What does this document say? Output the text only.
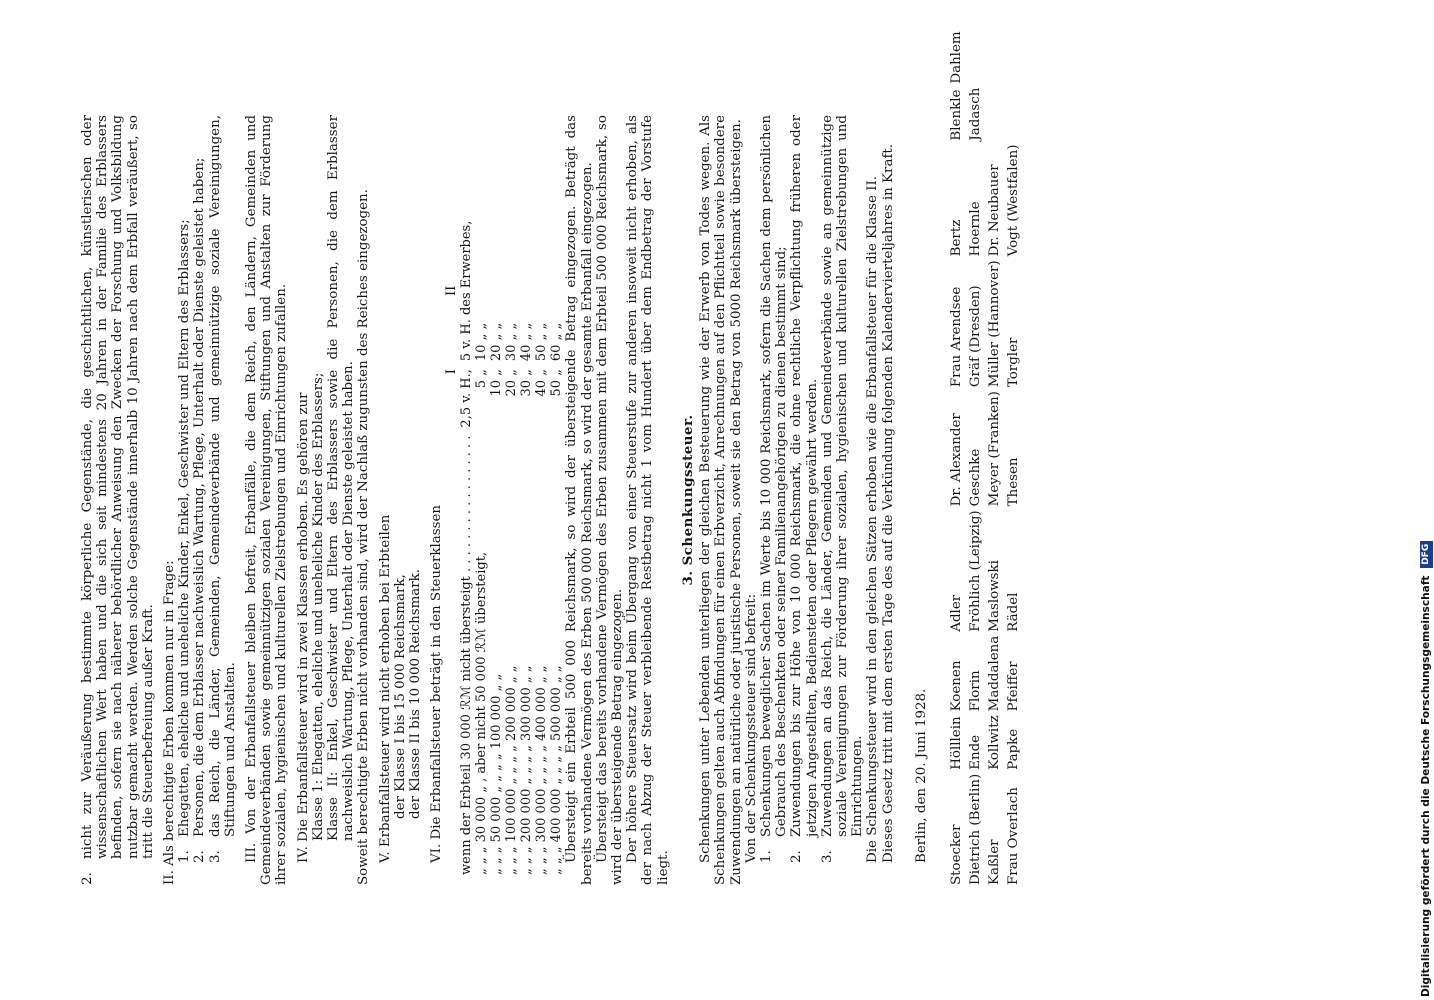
2.
nicht zur Veräußerung bestimmte körperliche Gegenstände, die geschichtlichen, künstlerischen oder wissenschaftlichen Wert haben und die sich seit mindestens 20 Jahren in der Familie des Erblassers befinden, sofern sie nach näherer behördlicher Anweisung den Zwecken der Forschung und Volksbildung nutzbar gemacht werden. Werden solche Gegenstände innerhalb 10 Jahren nach dem Erbfall veräußert, so tritt die Steuerbefreiung außer Kraft. II. Als berechtigte Erben kommen nur in Frage: 1.
Ehegatten, eheliche und uneheliche Kinder, Enkel, Geschwister und Eltern des Erblassers;
2.
Personen, die dem Erblasser nachweislich Wartung, Pflege, Unterhalt oder Dienste geleistet haben;
3.
das Reich, die Länder, Gemeinden, Gemeindeverbände und gemeinnützige soziale Vereinigungen, Stiftungen und Anstalten. III. Von der Erbanfallsteuer bleiben befreit, Erbanfälle, die dem Reich, den Ländern, Gemeinden und Gemeindeverbänden sowie gemeinnützigen sozialen Vereinigungen, Stiftungen und Anstalten zur Förderung ihrer sozialen, hygienischen und kulturellen Zielstrebungen und Einrichtungen zufallen. IV. Die Erbanfallsteuer wird in zwei Klassen erhoben. Es gehören zur Klasse 1: Ehegatten, eheliche und uneheliche Kinder des Erblassers; Klasse II: Enkel, Geschwister und Eltern des Erblassers sowie die Personen, die dem Erblasser nachweislich Wartung, Pflege, Unterhalt oder Dienste geleistet haben. Soweit berechtigte Erben nicht vorhanden sind, wird der Nachlaß zugunsten des Reiches eingezogen. V. Erbanfallsteuer wird nicht erhoben bei Erbteilen der Klasse I bis 15 000 Reichsmark, der Klasse II bis 10 000 Reichsmark. VI. Die Erbanfallsteuer beträgt in den Steuerklassen

	I	II
wenn der Erbteil 30 000 ℛℳ nicht übersteigt . . . . . . . . . . . . . . . . .	2,5 v. H.,	5 v. H. des Erwerbes,
„ „ „ 30 000 „ , aber nicht 50 000 ℛℳ übersteigt,	5 „	10 „ „
„ „ „ 50 000 „ „ „ „ 100 000 „ „	10 „	20 „ „
„ „ „ 100 000 „ „ „ „ 200 000 „ „	20 „	30 „ „
„ „ „ 200 000 „ „ „ „ 300 000 „ „	30 „	40 „ „
„ „ „ 300 000 „ „ „ „ 400 000 „ „	40 „	50 „ „
„ „ „ 400 000 „ „ „ „ 500 000 „ „	50 „	60 „ „ Übersteigt ein Erbteil 500 000 Reichsmark, so wird der übersteigende Betrag eingezogen. Beträgt das bereits vorhandene Vermögen des Erben 500 000 Reichsmark, so wird der gesamte Erbanfall eingezogen. Übersteigt das bereits vorhandene Vermögen des Erben zusammen mit dem Erbteil 500 000 Reichsmark, so wird der übersteigende Betrag eingezogen. Der höhere Steuersatz wird beim Übergang von einer Steuerstufe zur anderen insoweit nicht erhoben, als der nach Abzug der Steuer verbleibende Restbetrag nicht 1 vom Hundert über dem Endbetrag der Vorstufe liegt.

3. Schenkungssteuer. Schenkungen unter Lebenden unterliegen der gleichen Besteuerung wie der Erwerb von Todes wegen. Als Schenkungen gelten auch Abfindungen für einen Erbverzicht, Anrechnungen auf den Pflichtteil sowie besondere Zuwendungen an natürliche oder juristische Personen, soweit sie den Betrag von 5000 Reichsmark übersteigen. Von der Schenkungssteuer sind befreit: 1.
Schenkungen beweglicher Sachen im Werte bis 10 000 Reichsmark, sofern die Sachen dem persönlichen Gebrauch des Beschenkten oder seiner Familienangehörigen zu dienen bestimmt sind;
2.
Zuwendungen bis zur Höhe von 10 000 Reichsmark, die ohne rechtliche Verpflichtung früheren oder jetzigen Angestellten, Bediensteten oder Pflegern gewährt werden.
3.
Zuwendungen an das Reich, die Länder, Gemeinden und Gemeindeverbände sowie an gemeinnützige soziale Vereinigungen zur Förderung ihrer sozialen, hygienischen und kulturellen Zielstrebungen und Einrichtungen. Die Schenkungssteuer wird in den gleichen Sätzen erhoben wie die Erbanfallsteuer für die Klasse II. Dieses Gesetz tritt mit dem ersten Tage des auf die Verkündung folgenden Kalendervierteljahres in Kraft. Berlin, den 20. Juni 1928. Stoecker	Hölllein	Koenen	Adler	Dr. Alexander	Frau Arendsee	Bertz	Blenkle	Dahlem
Dietrich (Berlin)	Ende	Florin	Fröhlich (Leipzig)	Geschke	Gräf (Dresden)	Hoernle	Jadasch	
Kaßler	Kollwitz	Maddalena	Maslowski	Meyer (Franken)	Müller (Hannover)	Dr. Neubauer		
Frau Overlach	Papke	Pfeiffer	Rädel	Thesen	Torgler	Vogt (Westfalen)		
Digitalisierung gefördert durch die Deutsche Forschungsgemeinschaft DFG
